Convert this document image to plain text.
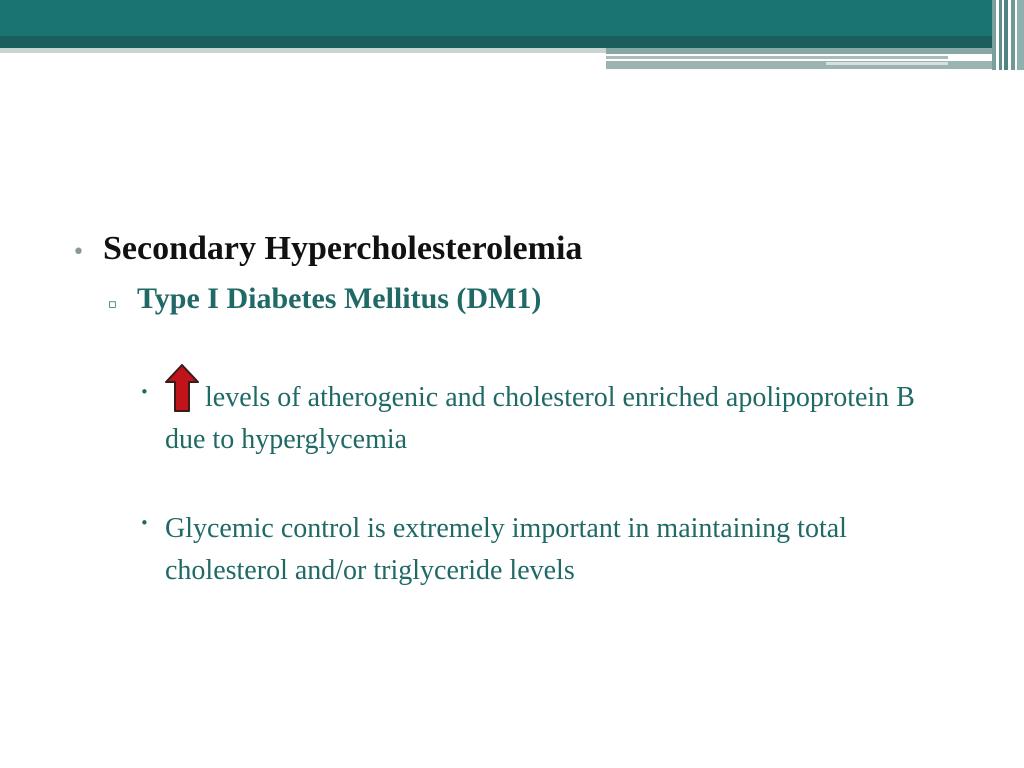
• Secondary Hypercholesterolemia
▫ Type I Diabetes Mellitus (DM1)
•	levels of atherogenic and cholesterol enriched apolipoprotein B due to hyperglycemia
• Glycemic control is extremely important in maintaining total cholesterol and/or triglyceride levels
